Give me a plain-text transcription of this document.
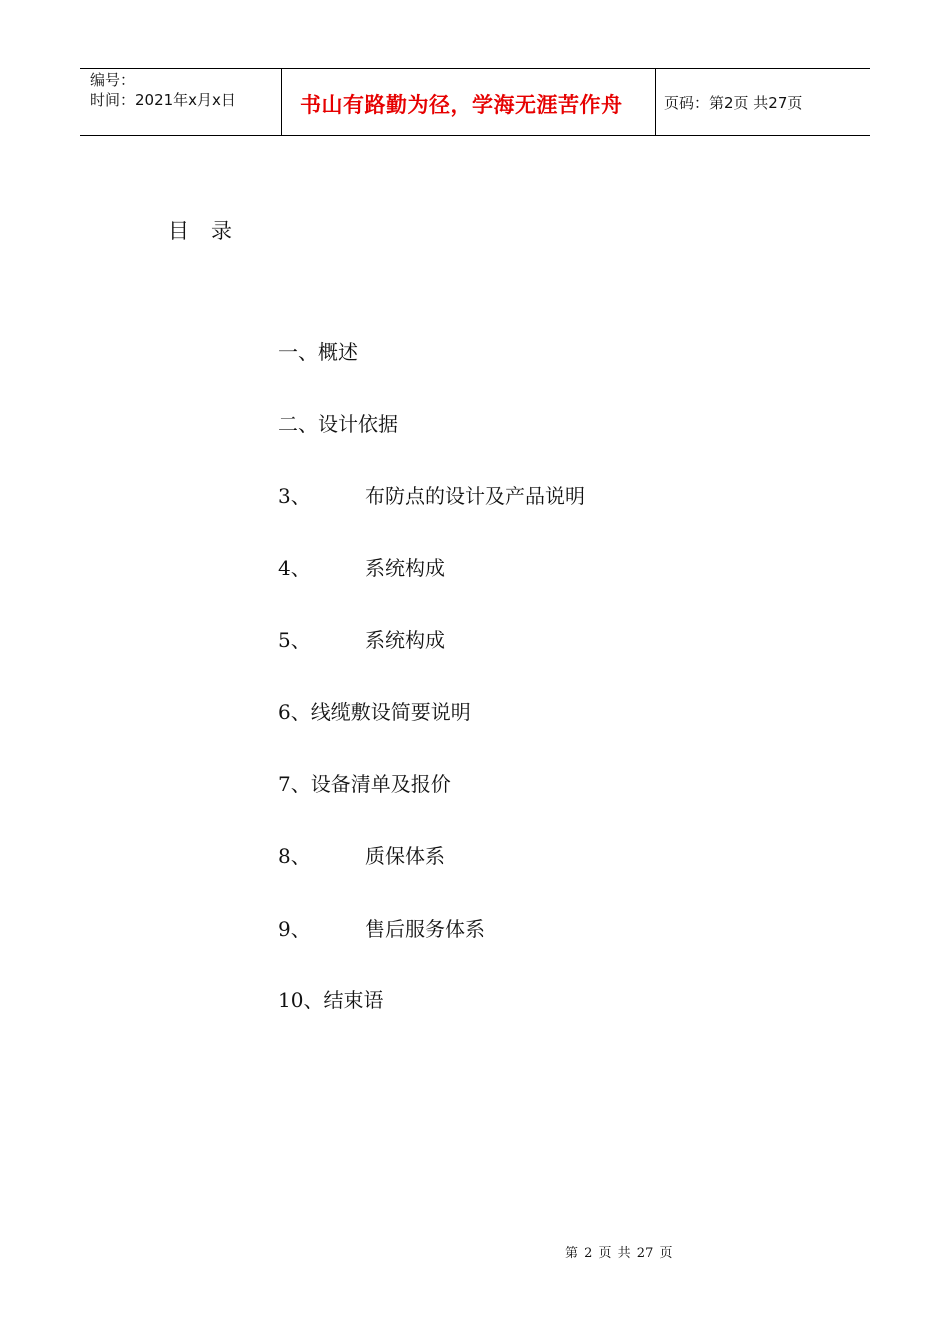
编号：
时间：2021年x月x日	书山有路勤为径，学海无涯苦作舟	页码：第2页 共27页
目录
一、概述
二、设计依据
3、	布防点的设计及产品说明
4、	系统构成
5、	系统构成
6、线缆敷设简要说明
7、设备清单及报价
8、	质保体系
9、	售后服务体系
10、结束语
第 2 页 共 27 页
